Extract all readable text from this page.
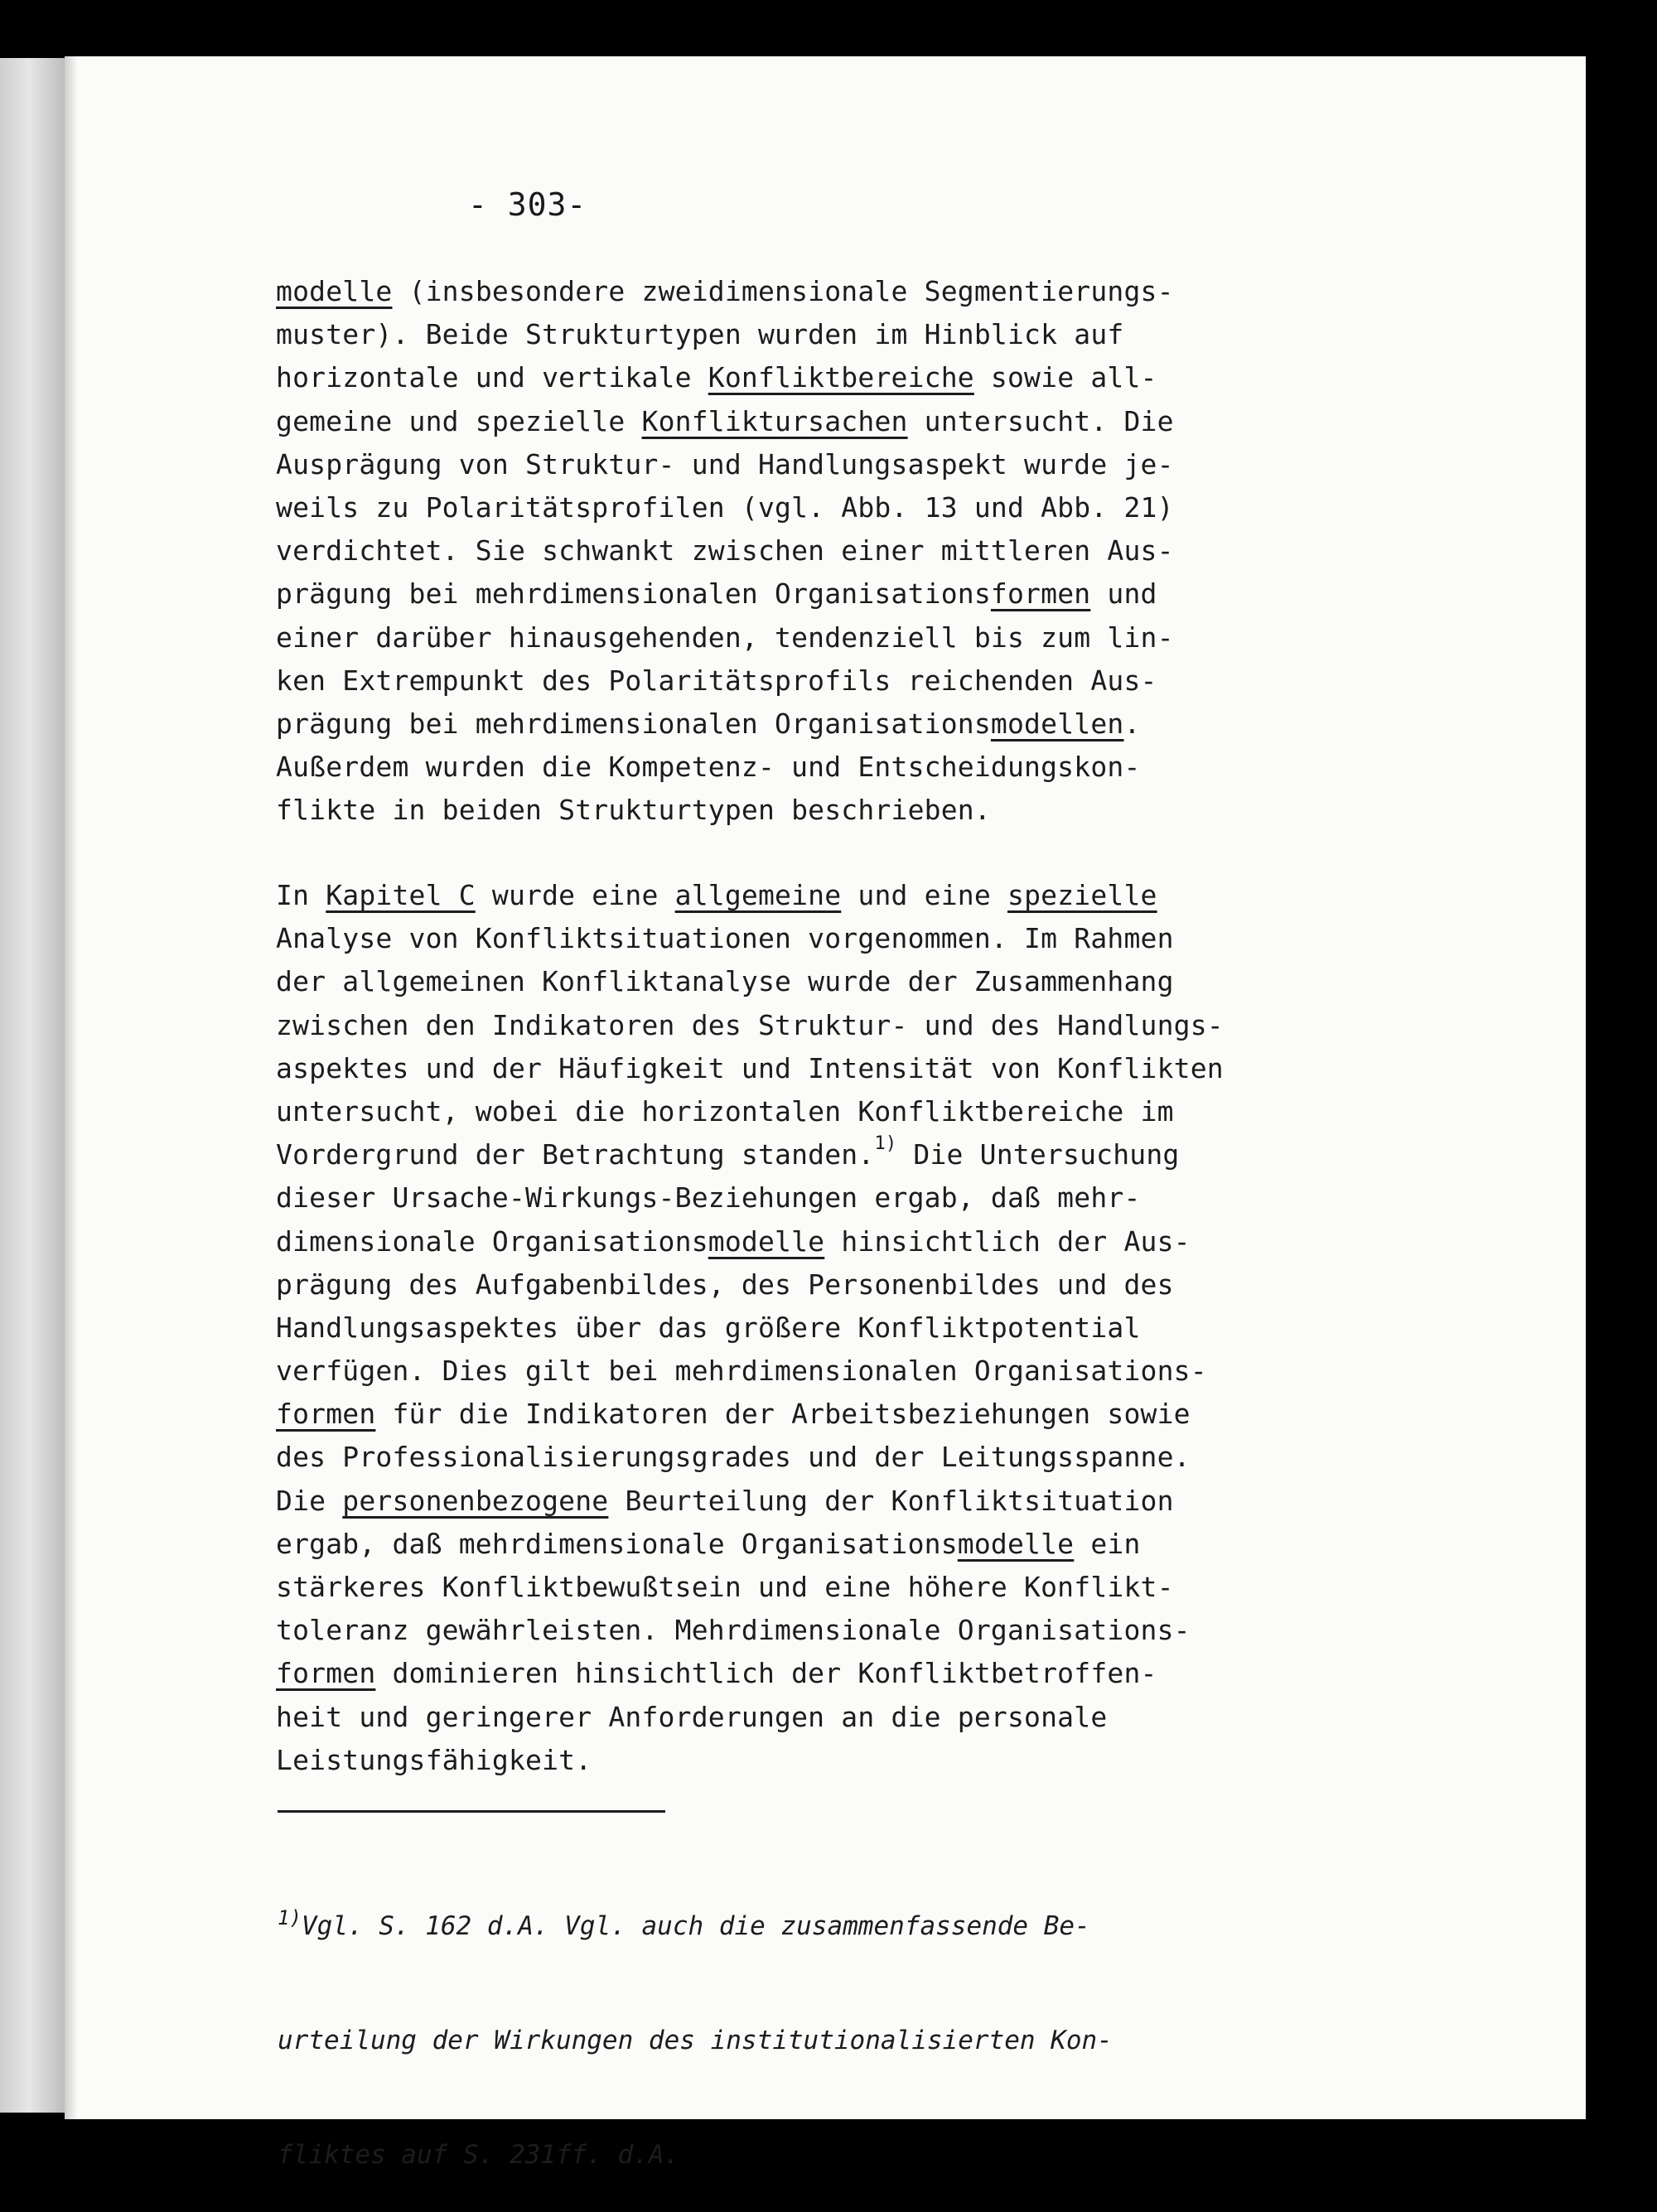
- 303-
modelle (insbesondere zweidimensionale Segmentierungs-
muster). Beide Strukturtypen wurden im Hinblick auf
horizontale und vertikale Konfliktbereiche sowie all-
gemeine und spezielle Konfliktursachen untersucht. Die
Ausprägung von Struktur- und Handlungsaspekt wurde je-
weils zu Polaritätsprofilen (vgl. Abb. 13 und Abb. 21)
verdichtet. Sie schwankt zwischen einer mittleren Aus-
prägung bei mehrdimensionalen Organisationsformen und
einer darüber hinausgehenden, tendenziell bis zum lin-
ken Extrempunkt des Polaritätsprofils reichenden Aus-
prägung bei mehrdimensionalen Organisationsmodellen.
Außerdem wurden die Kompetenz- und Entscheidungskon-
flikte in beiden Strukturtypen beschrieben.
In Kapitel C wurde eine allgemeine und eine spezielle
Analyse von Konfliktsituationen vorgenommen. Im Rahmen
der allgemeinen Konfliktanalyse wurde der Zusammenhang
zwischen den Indikatoren des Struktur- und des Handlungs-
aspektes und der Häufigkeit und Intensität von Konflikten
untersucht, wobei die horizontalen Konfliktbereiche im
Vordergrund der Betrachtung standen.$^{1)}$ Die Untersuchung
dieser Ursache-Wirkungs-Beziehungen ergab, daß mehr-
dimensionale Organisationsmodelle hinsichtlich der Aus-
prägung des Aufgabenbildes, des Personenbildes und des
Handlungsaspektes über das größere Konfliktpotential
verfügen. Dies gilt bei mehrdimensionalen Organisations-
formen für die Indikatoren der Arbeitsbeziehungen sowie
des Professionalisierungsgrades und der Leitungsspanne.
Die personenbezogene Beurteilung der Konfliktsituation
ergab, daß mehrdimensionale Organisationsmodelle ein
stärkeres Konfliktbewußtsein und eine höhere Konflikt-
toleranz gewährleisten. Mehrdimensionale Organisations-
formen dominieren hinsichtlich der Konfliktbetroffen-
heit und geringerer Anforderungen an die personale
Leistungsfähigkeit.

$^{1)}$Vgl. S. 162 d.A. Vgl. auch die zusammenfassende Be-

urteilung der Wirkungen des institutionalisierten Kon-

fliktes auf S. 231ff. d.A.
